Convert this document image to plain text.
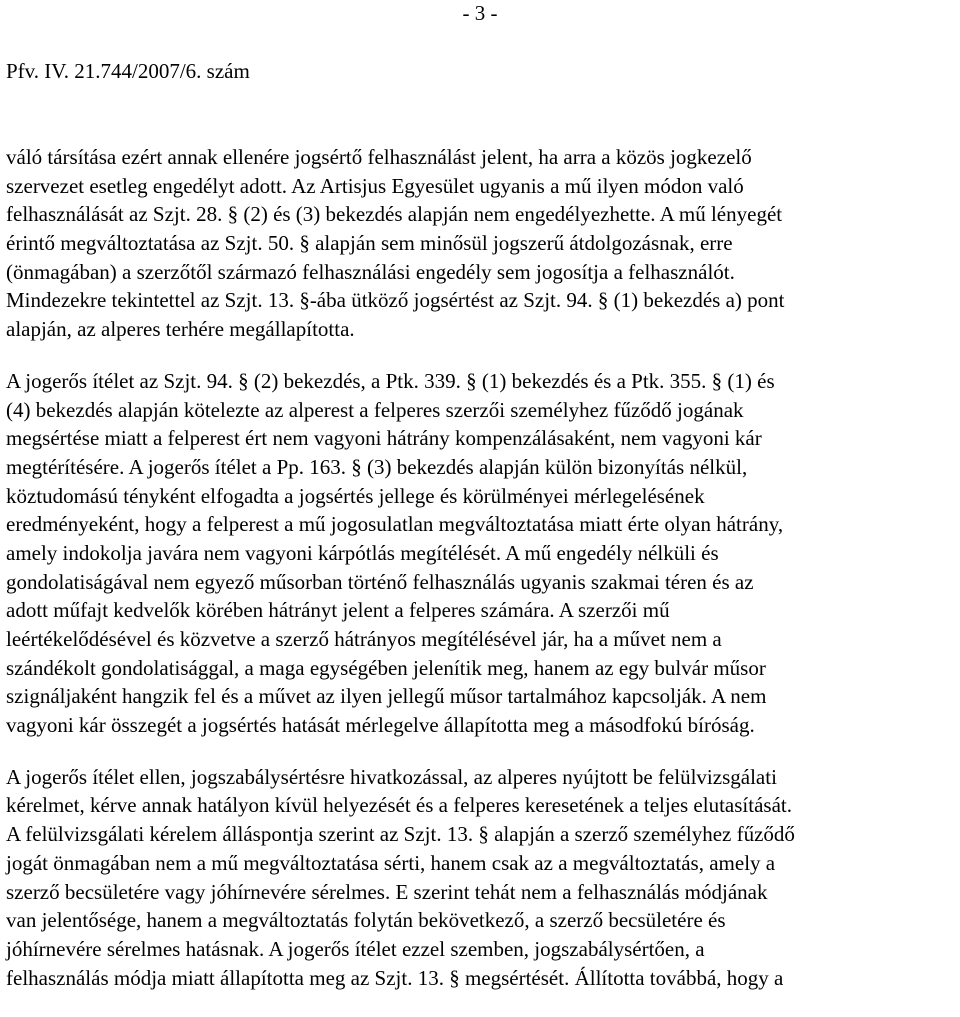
- 3 -
Pfv. IV. 21.744/2007/6. szám
váló társítása ezért annak ellenére jogsértő felhasználást jelent, ha arra a közös jogkezelő
szervezet esetleg engedélyt adott. Az Artisjus Egyesület ugyanis a mű ilyen módon való
felhasználását az Szjt. 28. § (2) és (3) bekezdés alapján nem engedélyezhette. A mű lényegét
érintő megváltoztatása az Szjt. 50. § alapján sem minősül jogszerű átdolgozásnak, erre
(önmagában) a szerzőtől származó felhasználási engedély sem jogosítja a felhasználót.
Mindezekre tekintettel az Szjt. 13. §-ába ütköző jogsértést az Szjt. 94. § (1) bekezdés a) pont
alapján, az alperes terhére megállapította.
A jogerős ítélet az Szjt. 94. § (2) bekezdés, a Ptk. 339. § (1) bekezdés és a Ptk. 355. § (1) és
(4) bekezdés alapján kötelezte az alperest a felperes szerzői személyhez fűződő jogának
megsértése miatt a felperest ért nem vagyoni hátrány kompenzálásaként, nem vagyoni kár
megtérítésére. A jogerős ítélet a Pp. 163. § (3) bekezdés alapján külön bizonyítás nélkül,
köztudomású tényként elfogadta a jogsértés jellege és körülményei mérlegelésének
eredményeként, hogy a felperest a mű jogosulatlan megváltoztatása miatt érte olyan hátrány,
amely indokolja javára nem vagyoni kárpótlás megítélését. A mű engedély nélküli és
gondolatiságával nem egyező műsorban történő felhasználás ugyanis szakmai téren és az
adott műfajt kedvelők körében hátrányt jelent a felperes számára. A szerzői mű
leértékelődésével és közvetve a szerző hátrányos megítélésével jár, ha a művet nem a
szándékolt gondolatisággal, a maga egységében jelenítik meg, hanem az egy bulvár műsor
szignáljaként hangzik fel és a művet az ilyen jellegű műsor tartalmához kapcsolják. A nem
vagyoni kár összegét a jogsértés hatását mérlegelve állapította meg a másodfokú bíróság.
A jogerős ítélet ellen, jogszabálysértésre hivatkozással, az alperes nyújtott be felülvizsgálati
kérelmet, kérve annak hatályon kívül helyezését és a felperes keresetének a teljes elutasítását.
A felülvizsgálati kérelem álláspontja szerint az Szjt. 13. § alapján a szerző személyhez fűződő
jogát önmagában nem a mű megváltoztatása sérti, hanem csak az a megváltoztatás, amely a
szerző becsületére vagy jóhírnevére sérelmes. E szerint tehát nem a felhasználás módjának
van jelentősége, hanem a megváltoztatás folytán bekövetkező, a szerző becsületére és
jóhírnevére sérelmes hatásnak. A jogerős ítélet ezzel szemben, jogszabálysértően, a
felhasználás módja miatt állapította meg az Szjt. 13. § megsértését. Állította továbbá, hogy a
